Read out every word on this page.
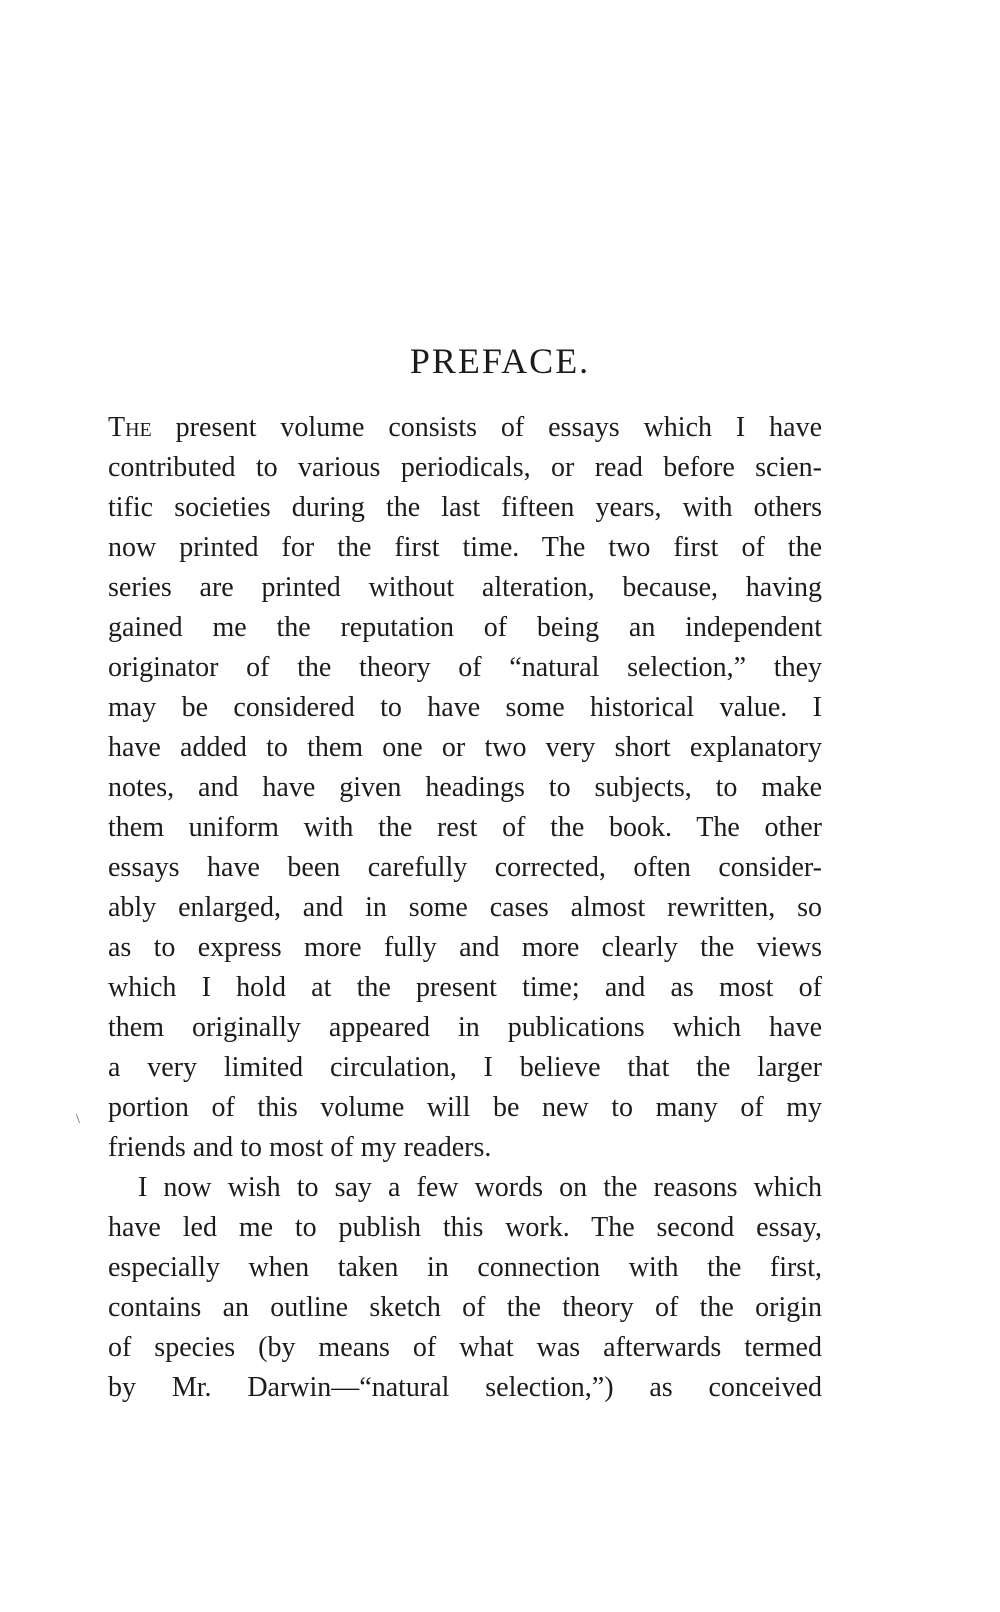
PREFACE.
\
The present volume consists of essays which I have
contributed to various periodicals, or read before scien-
tific societies during the last fifteen years, with others
now printed for the first time. The two first of the
series are printed without alteration, because, having
gained me the reputation of being an independent
originator of the theory of “natural selection,” they
may be considered to have some historical value. I
have added to them one or two very short explanatory
notes, and have given headings to subjects, to make
them uniform with the rest of the book. The other
essays have been carefully corrected, often consider-
ably enlarged, and in some cases almost rewritten, so
as to express more fully and more clearly the views
which I hold at the present time; and as most of
them originally appeared in publications which have
a very limited circulation, I believe that the larger
portion of this volume will be new to many of my
friends and to most of my readers.
I now wish to say a few words on the reasons which
have led me to publish this work. The second essay,
especially when taken in connection with the first,
contains an outline sketch of the theory of the origin
of species (by means of what was afterwards termed
by Mr. Darwin—“natural selection,”) as conceived
